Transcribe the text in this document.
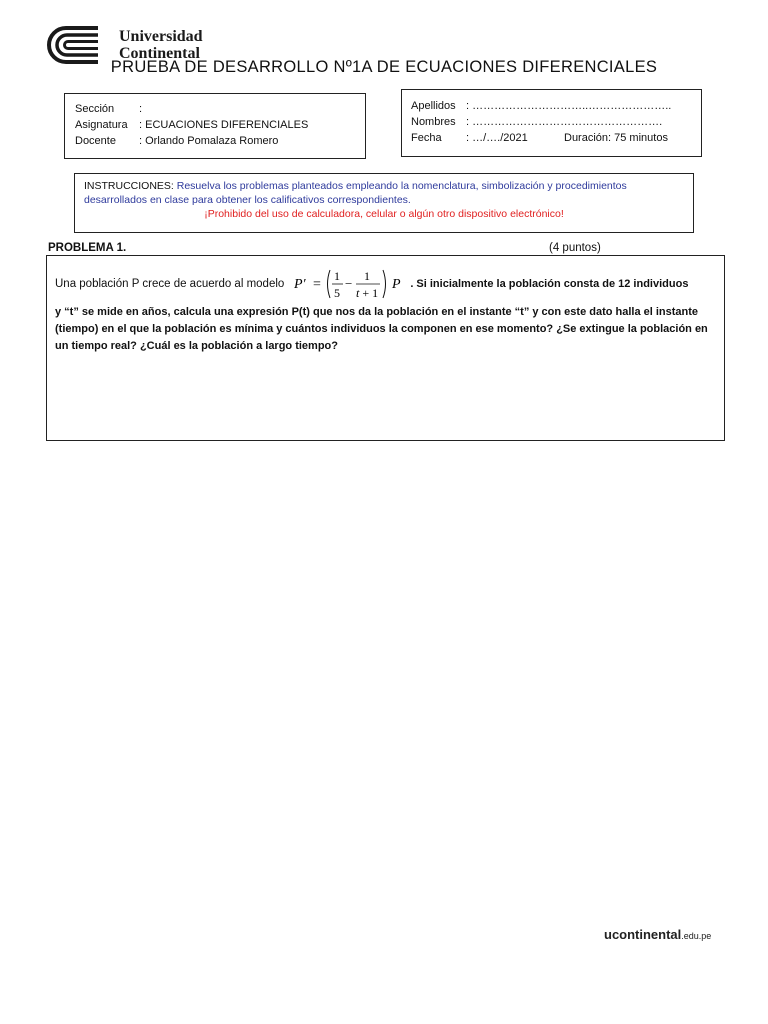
Universidad
Continental
PRUEBA DE DESARROLLO Nº1A DE ECUACIONES DIFERENCIALES
Sección	:
Asignatura	: ECUACIONES DIFERENCIALES
Docente	: Orlando Pomalaza Romero
Apellidos : …………………………..…………………..
Nombres : …………………………………………….
Fecha	: …/…./2021	Duración: 75 minutos
INSTRUCCIONES: Resuelva los problemas planteados empleando la nomenclatura, simbolización y procedimientos desarrollados en clase para obtener los calificativos correspondientes.
¡Prohibido del uso de calculadora, celular o algún otro dispositivo electrónico!
PROBLEMA 1.	(4 puntos)
Una población P crece de acuerdo al modelo P′ =
1
5
− 1
t + 1
P . Si inicialmente la población consta de 12 individuos
y “t” se mide en años, calcula una expresión P(t) que nos da la población en el instante “t” y con este dato halla el instante (tiempo) en el que la población es mínima y cuántos individuos la componen en ese momento? ¿Se extingue la población en un tiempo real? ¿Cuál es la población a largo tiempo?
ucontinental.edu.pe
